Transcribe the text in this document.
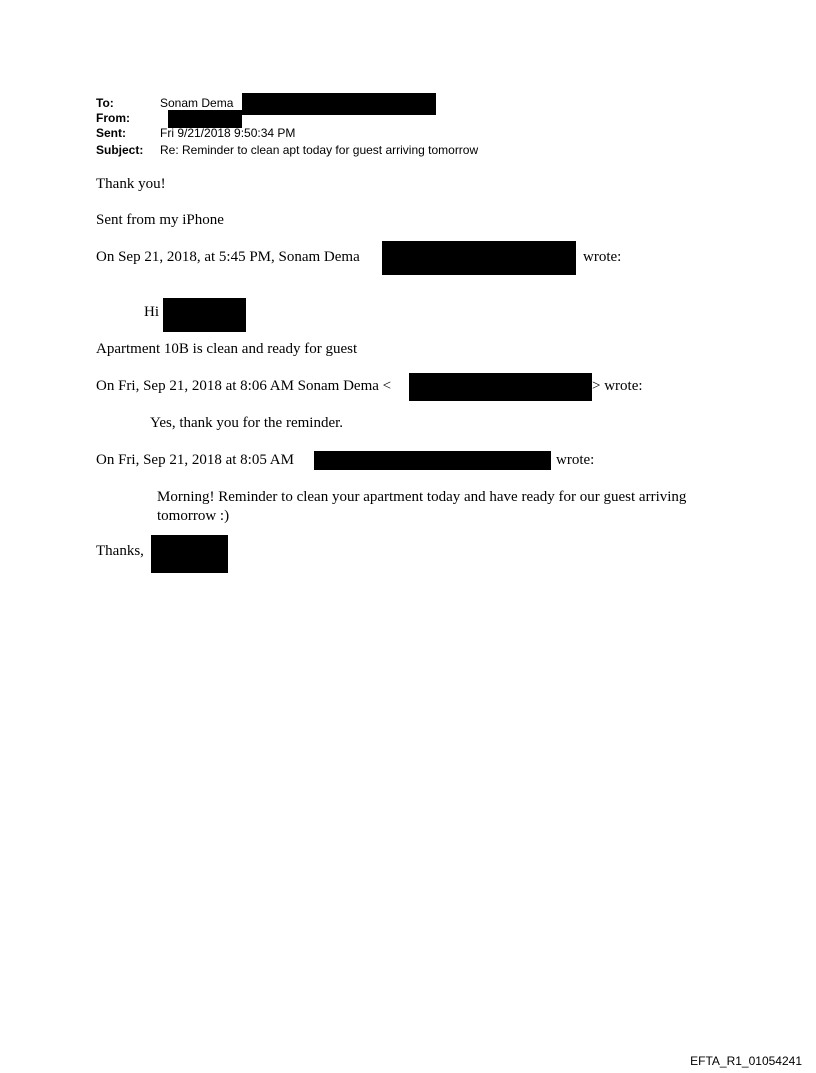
To:	Sonam Dema
From:
Sent:	Fri 9/21/2018 9:50:34 PM
Subject: Re: Reminder to clean apt today for guest arriving tomorrow
Thank you!
Sent from my iPhone
On Sep 21, 2018, at 5:45 PM, Sonam Dema	wrote:
Hi
Apartment 10B is clean and ready for guest
On Fri, Sep 21, 2018 at 8:06 AM Sonam Dema <	> wrote:
Yes, thank you for the reminder.
On Fri, Sep 21, 2018 at 8:05 AM	wrote:
Morning! Reminder to clean your apartment today and have ready for our guest arriving tomorrow :)
Thanks,
EFTA_R1_01054241
